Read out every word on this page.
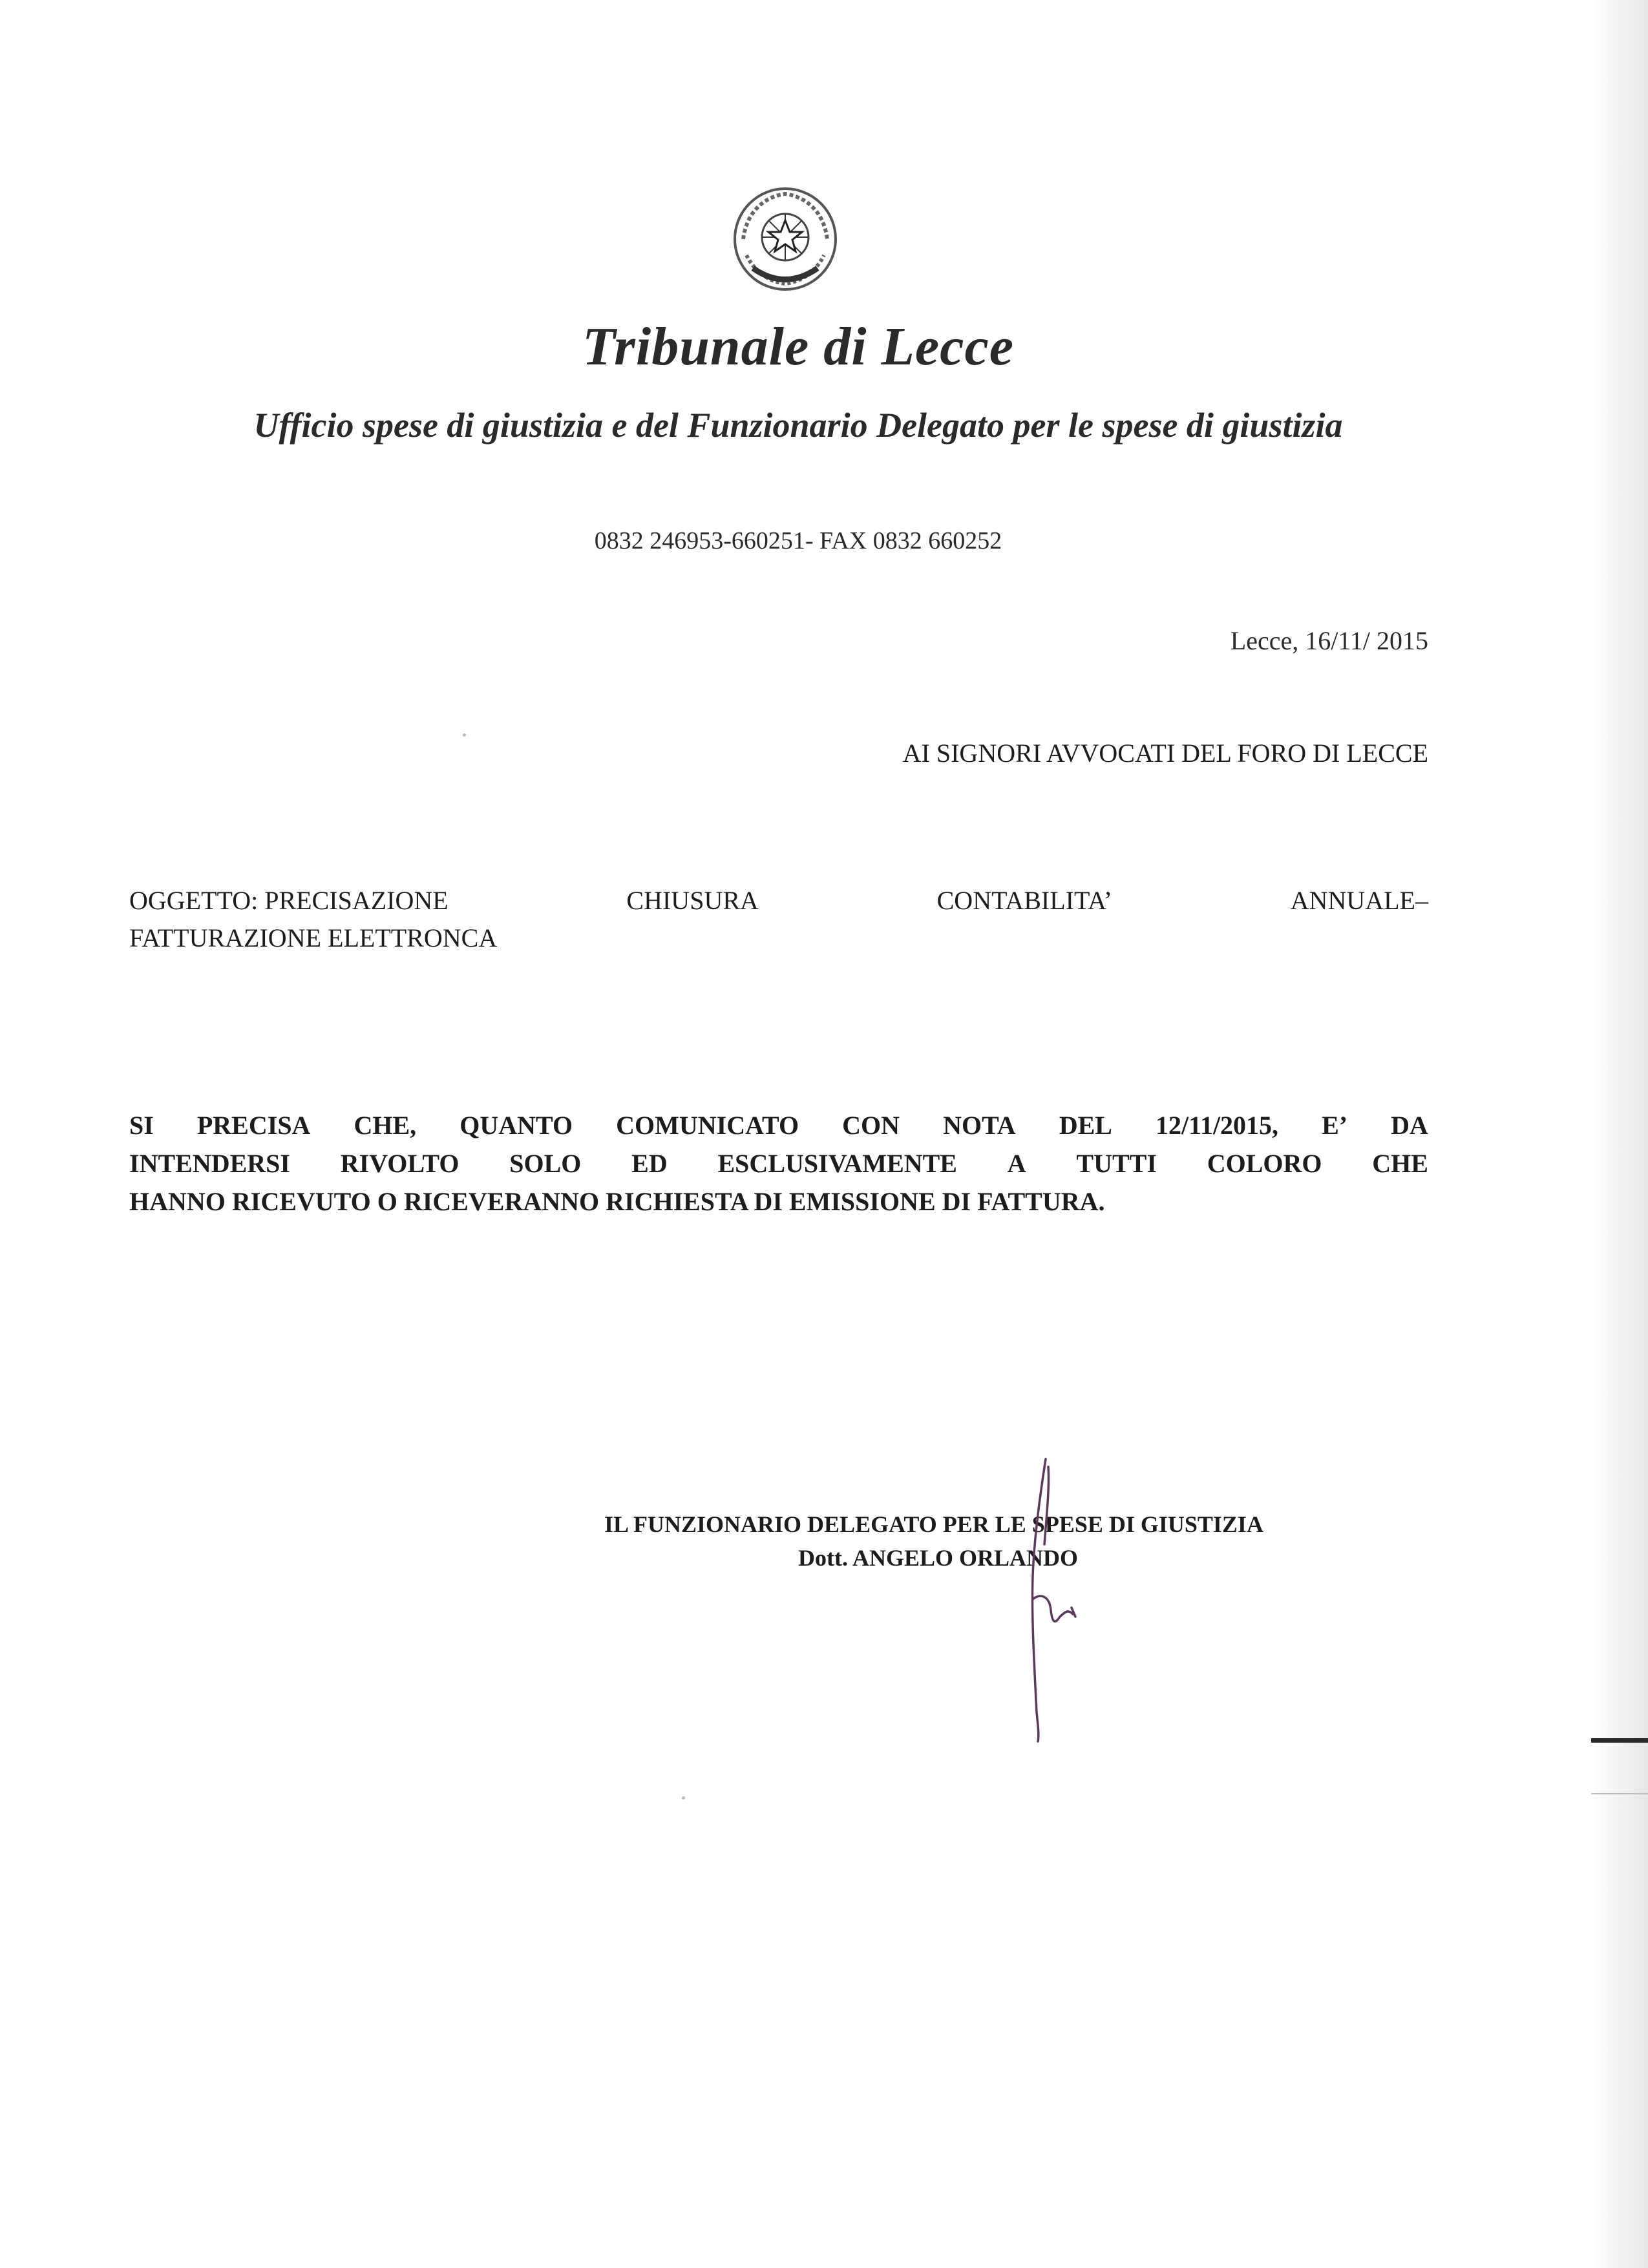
Tribunale di Lecce
Ufficio spese di giustizia e del Funzionario Delegato per le spese di giustizia
0832 246953-660251- FAX 0832 660252
Lecce, 16/11/ 2015
AI SIGNORI AVVOCATI DEL FORO DI LECCE
OGGETTO: PRECISAZIONE	CHIUSURA	CONTABILITA’	ANNUALE–
FATTURAZIONE ELETTRONCA
SI PRECISA CHE, QUANTO COMUNICATO CON NOTA DEL 12/11/2015, E’ DA
INTENDERSI RIVOLTO SOLO ED ESCLUSIVAMENTE A TUTTI COLORO CHE
HANNO RICEVUTO O RICEVERANNO RICHIESTA DI EMISSIONE DI FATTURA.
IL FUNZIONARIO DELEGATO PER LE SPESE DI GIUSTIZIA
Dott. ANGELO ORLANDO
